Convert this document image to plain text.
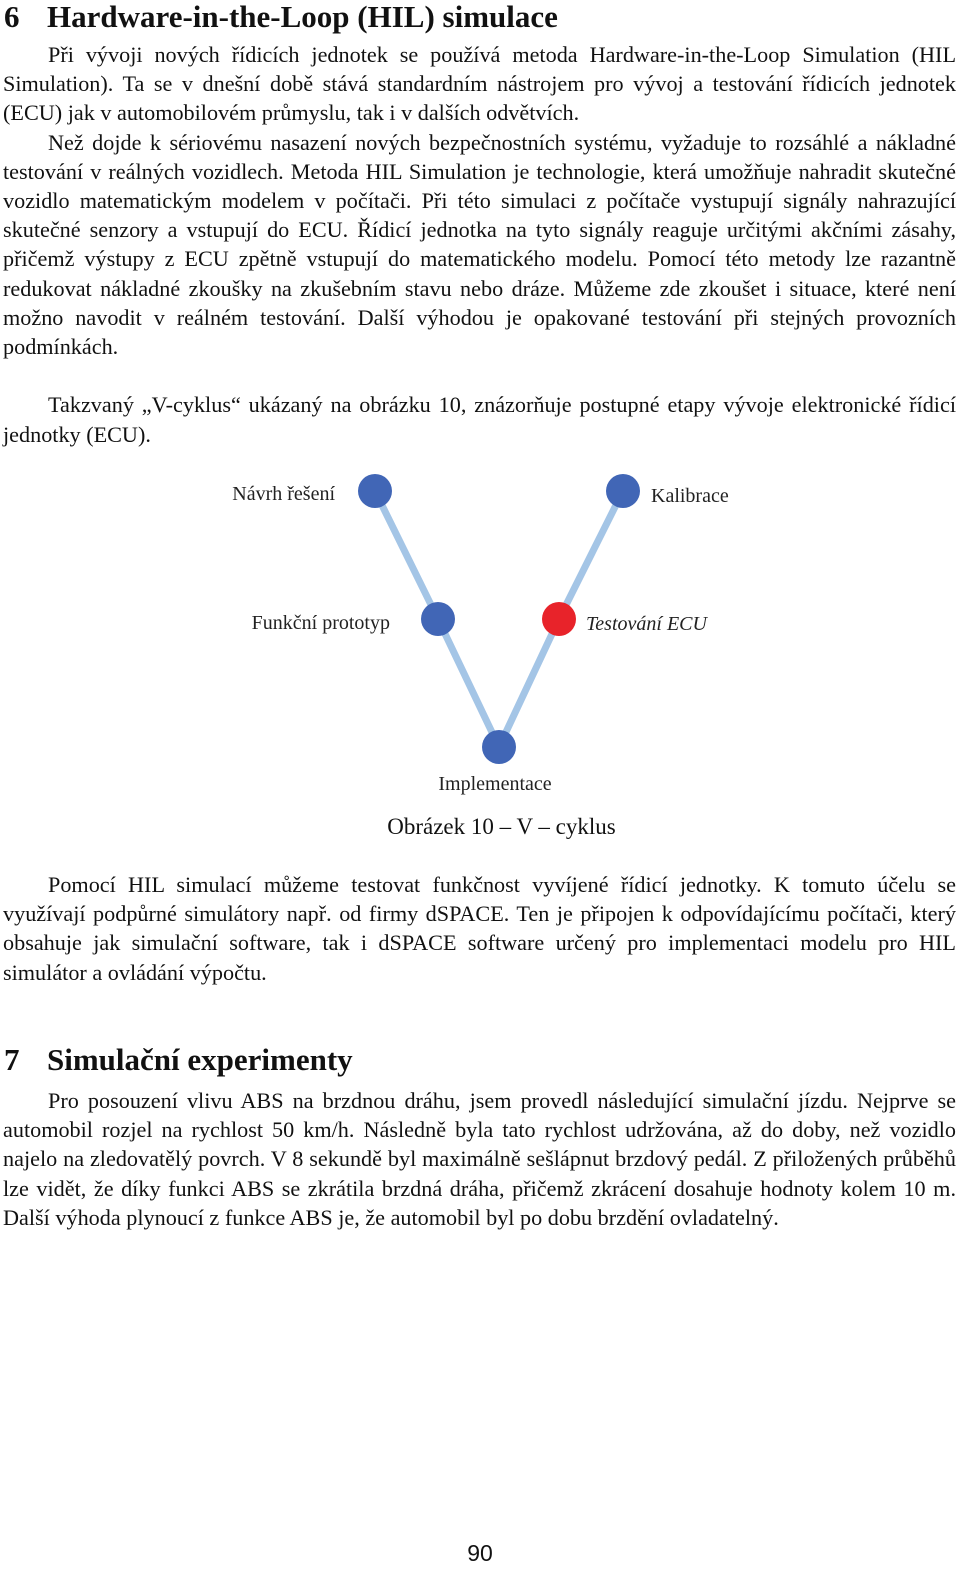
6 Hardware-in-the-Loop (HIL) simulace

Při vývoji nových řídicích jednotek se používá metoda Hardware-in-the-Loop Simulation (HIL Simulation). Ta se v dnešní době stává standardním nástrojem pro vývoj a testování řídicích jednotek (ECU) jak v automobilovém průmyslu, tak i v dalších odvětvích.

Než dojde k sériovému nasazení nových bezpečnostních systému, vyžaduje to rozsáhlé a nákladné testování v reálných vozidlech. Metoda HIL Simulation je technologie, která umožňuje nahradit skutečné vozidlo matematickým modelem v počítači. Při této simulaci z počítače vystupují signály nahrazující skutečné senzory a vstupují do ECU. Řídicí jednotka na tyto signály reaguje určitými akčními zásahy, přičemž výstupy z ECU zpětně vstupují do matematického modelu. Pomocí této metody lze razantně redukovat nákladné zkoušky na zkušebním stavu nebo dráze. Můžeme zde zkoušet i situace, které není možno navodit v reálném testování. Další výhodou je opakované testování při stejných provozních podmínkách.

Takzvaný „V-cyklus“ ukázaný na obrázku 10, znázorňuje postupné etapy vývoje elektronické řídicí jednotky (ECU).

Návrh řešení
Funkční prototyp
Implementace
Testování ECU
Kalibrace
Obrázek 10 – V – cyklus

Pomocí HIL simulací můžeme testovat funkčnost vyvíjené řídicí jednotky. K tomuto účelu se využívají podpůrné simulátory např. od firmy dSPACE. Ten je připojen k odpovídajícímu počítači, který obsahuje jak simulační software, tak i dSPACE software určený pro implementaci modelu pro HIL simulátor a ovládání výpočtu.

7 Simulační experimenty

Pro posouzení vlivu ABS na brzdnou dráhu, jsem provedl následující simulační jízdu. Nejprve se automobil rozjel na rychlost 50 km/h. Následně byla tato rychlost udržována, až do doby, než vozidlo najelo na zledovatělý povrch. V 8 sekundě byl maximálně sešlápnut brzdový pedál. Z přiložených průběhů lze vidět, že díky funkci ABS se zkrátila brzdná dráha, přičemž zkrácení dosahuje hodnoty kolem 10 m. Další výhoda plynoucí z funkce ABS je, že automobil byl po dobu brzdění ovladatelný.

90
